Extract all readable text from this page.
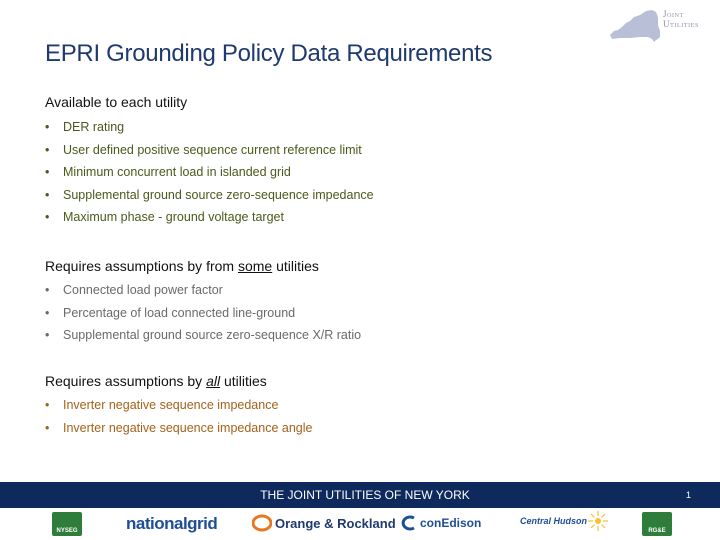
EPRI Grounding Policy Data Requirements
Joint
Utilities
Available to each utility
• DER rating
• User defined positive sequence current reference limit
• Minimum concurrent load in islanded grid
• Supplemental ground source zero-sequence impedance
• Maximum phase - ground voltage target
Requires assumptions by from some utilities
• Connected load power factor
• Percentage of load connected line-ground
• Supplemental ground source zero-sequence X/R ratio
Requires assumptions by all utilities
• Inverter negative sequence impedance
• Inverter negative sequence impedance angle
THE JOINT UTILITIES OF NEW YORK	1
NYSEG	nationalgrid	Orange & Rockland conEdison	Central Hudson
RG&E
